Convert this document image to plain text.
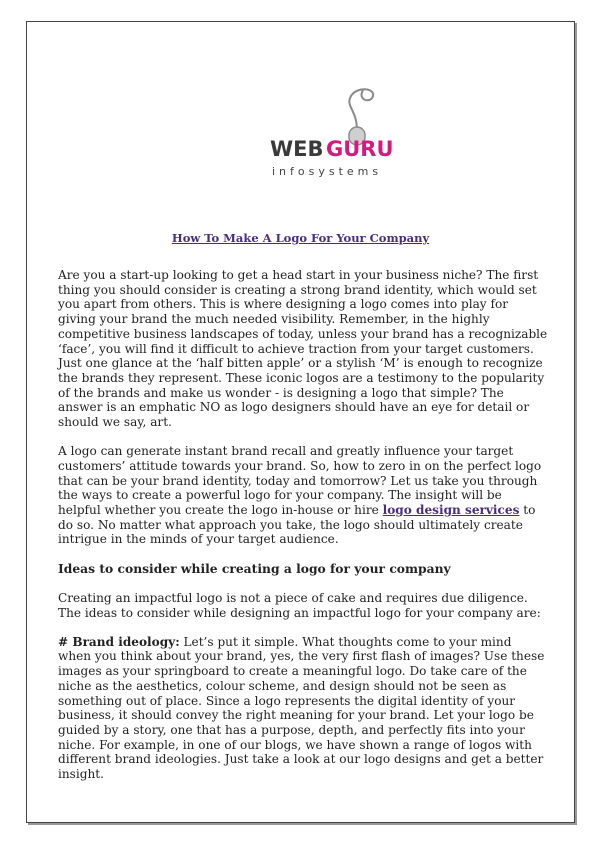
WEB GURU
infosystems
How To Make A Logo For Your Company

Are you a start-up looking to get a head start in your business niche? The first thing you should consider is creating a strong brand identity, which would set you apart from others. This is where designing a logo comes into play for giving your brand the much needed visibility. Remember, in the highly competitive business landscapes of today, unless your brand has a recognizable ‘face’, you will find it difficult to achieve traction from your target customers. Just one glance at the ‘half bitten apple’ or a stylish ‘M’ is enough to recognize the brands they represent. These iconic logos are a testimony to the popularity of the brands and make us wonder - is designing a logo that simple? The answer is an emphatic NO as logo designers should have an eye for detail or should we say, art.

A logo can generate instant brand recall and greatly influence your target customers’ attitude towards your brand. So, how to zero in on the perfect logo that can be your brand identity, today and tomorrow? Let us take you through the ways to create a powerful logo for your company. The insight will be helpful whether you create the logo in-house or hire logo design services to do so. No matter what approach you take, the logo should ultimately create intrigue in the minds of your target audience.

Ideas to consider while creating a logo for your company

Creating an impactful logo is not a piece of cake and requires due diligence. The ideas to consider while designing an impactful logo for your company are:

# Brand ideology: Let’s put it simple. What thoughts come to your mind when you think about your brand, yes, the very first flash of images? Use these images as your springboard to create a meaningful logo. Do take care of the niche as the aesthetics, colour scheme, and design should not be seen as something out of place. Since a logo represents the digital identity of your business, it should convey the right meaning for your brand. Let your logo be guided by a story, one that has a purpose, depth, and perfectly fits into your niche. For example, in one of our blogs, we have shown a range of logos with different brand ideologies. Just take a look at our logo designs and get a better insight.
